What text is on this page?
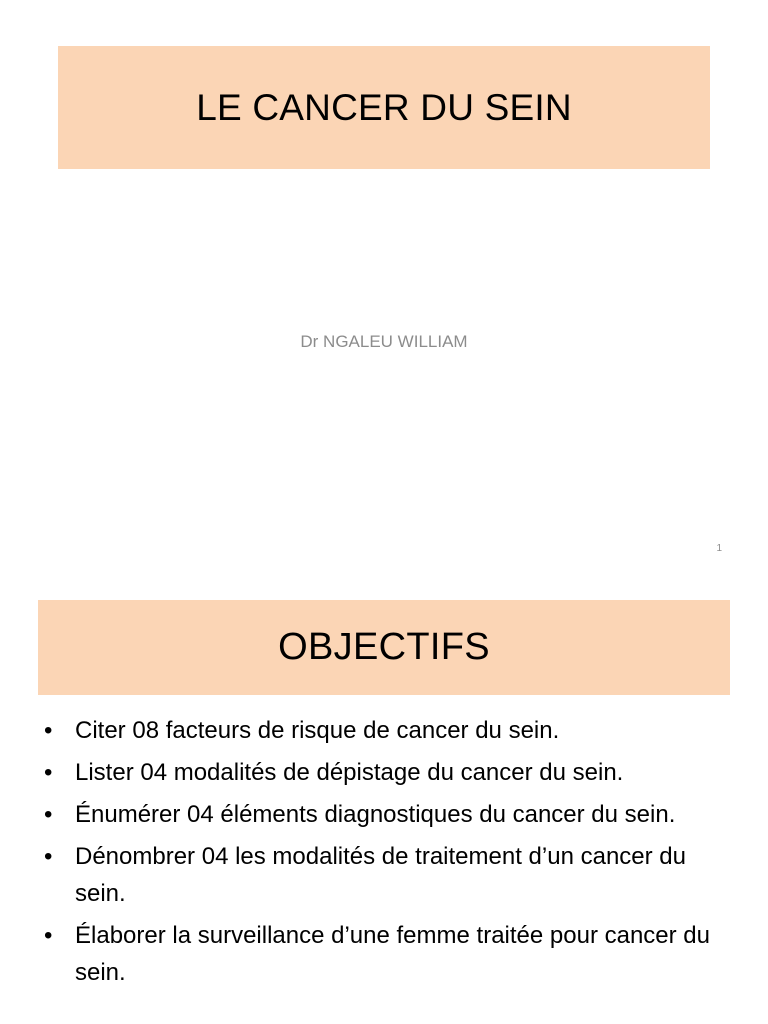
LE CANCER DU SEIN
Dr NGALEU WILLIAM
1
OBJECTIFS
• Citer 08 facteurs de risque de cancer du sein.
• Lister 04 modalités de dépistage du cancer du sein.
• Énumérer 04 éléments diagnostiques du cancer du sein.
• Dénombrer 04 les modalités de traitement d’un cancer du sein.
• Élaborer la surveillance d’une femme traitée pour cancer du sein.
